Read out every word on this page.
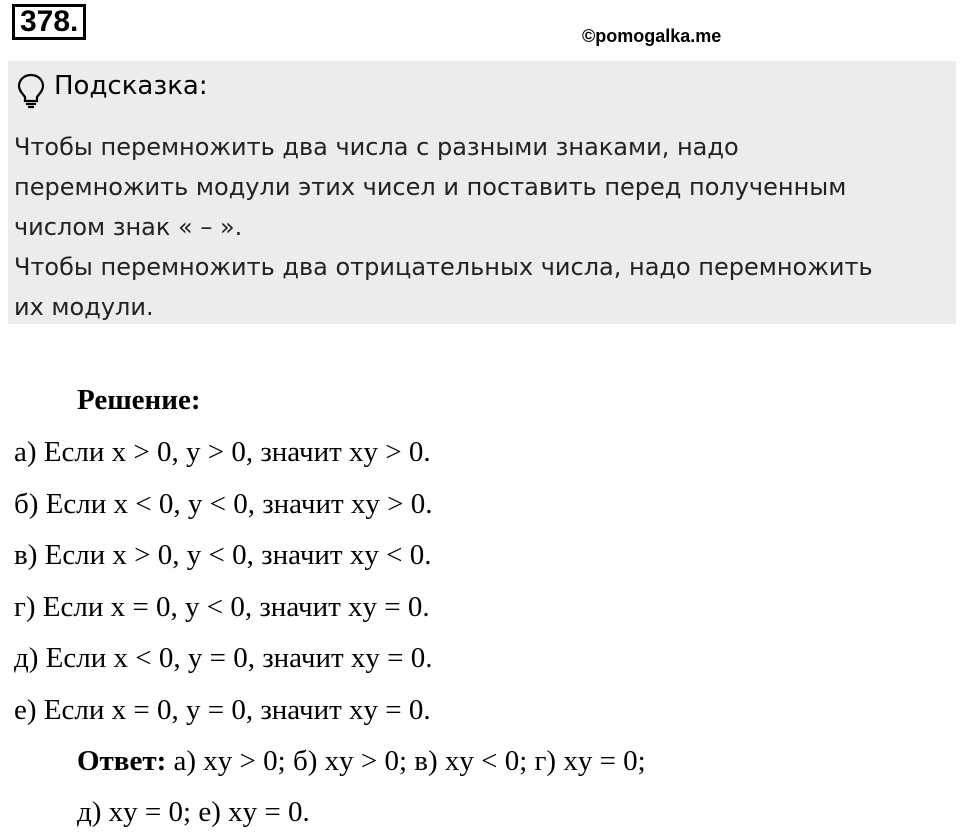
378.	©pomogalka.me
Подсказка:
Чтобы перемножить два числа с разными знаками, надо
перемножить модули этих чисел и поставить перед полученным
числом знак « – ».
Чтобы перемножить два отрицательных числа, надо перемножить
их модули.
Решение:
а) Если x > 0, y > 0, значит xy > 0.
б) Если x < 0, y < 0, значит xy > 0.
в) Если x > 0, y < 0, значит xy < 0.
г) Если x = 0, y < 0, значит xy = 0.
д) Если x < 0, y = 0, значит xy = 0.
е) Если x = 0, y = 0, значит xy = 0.
Ответ: а) xy > 0; б) xy > 0; в) xy < 0; г) xy = 0;
д) xy = 0; е) xy = 0.
